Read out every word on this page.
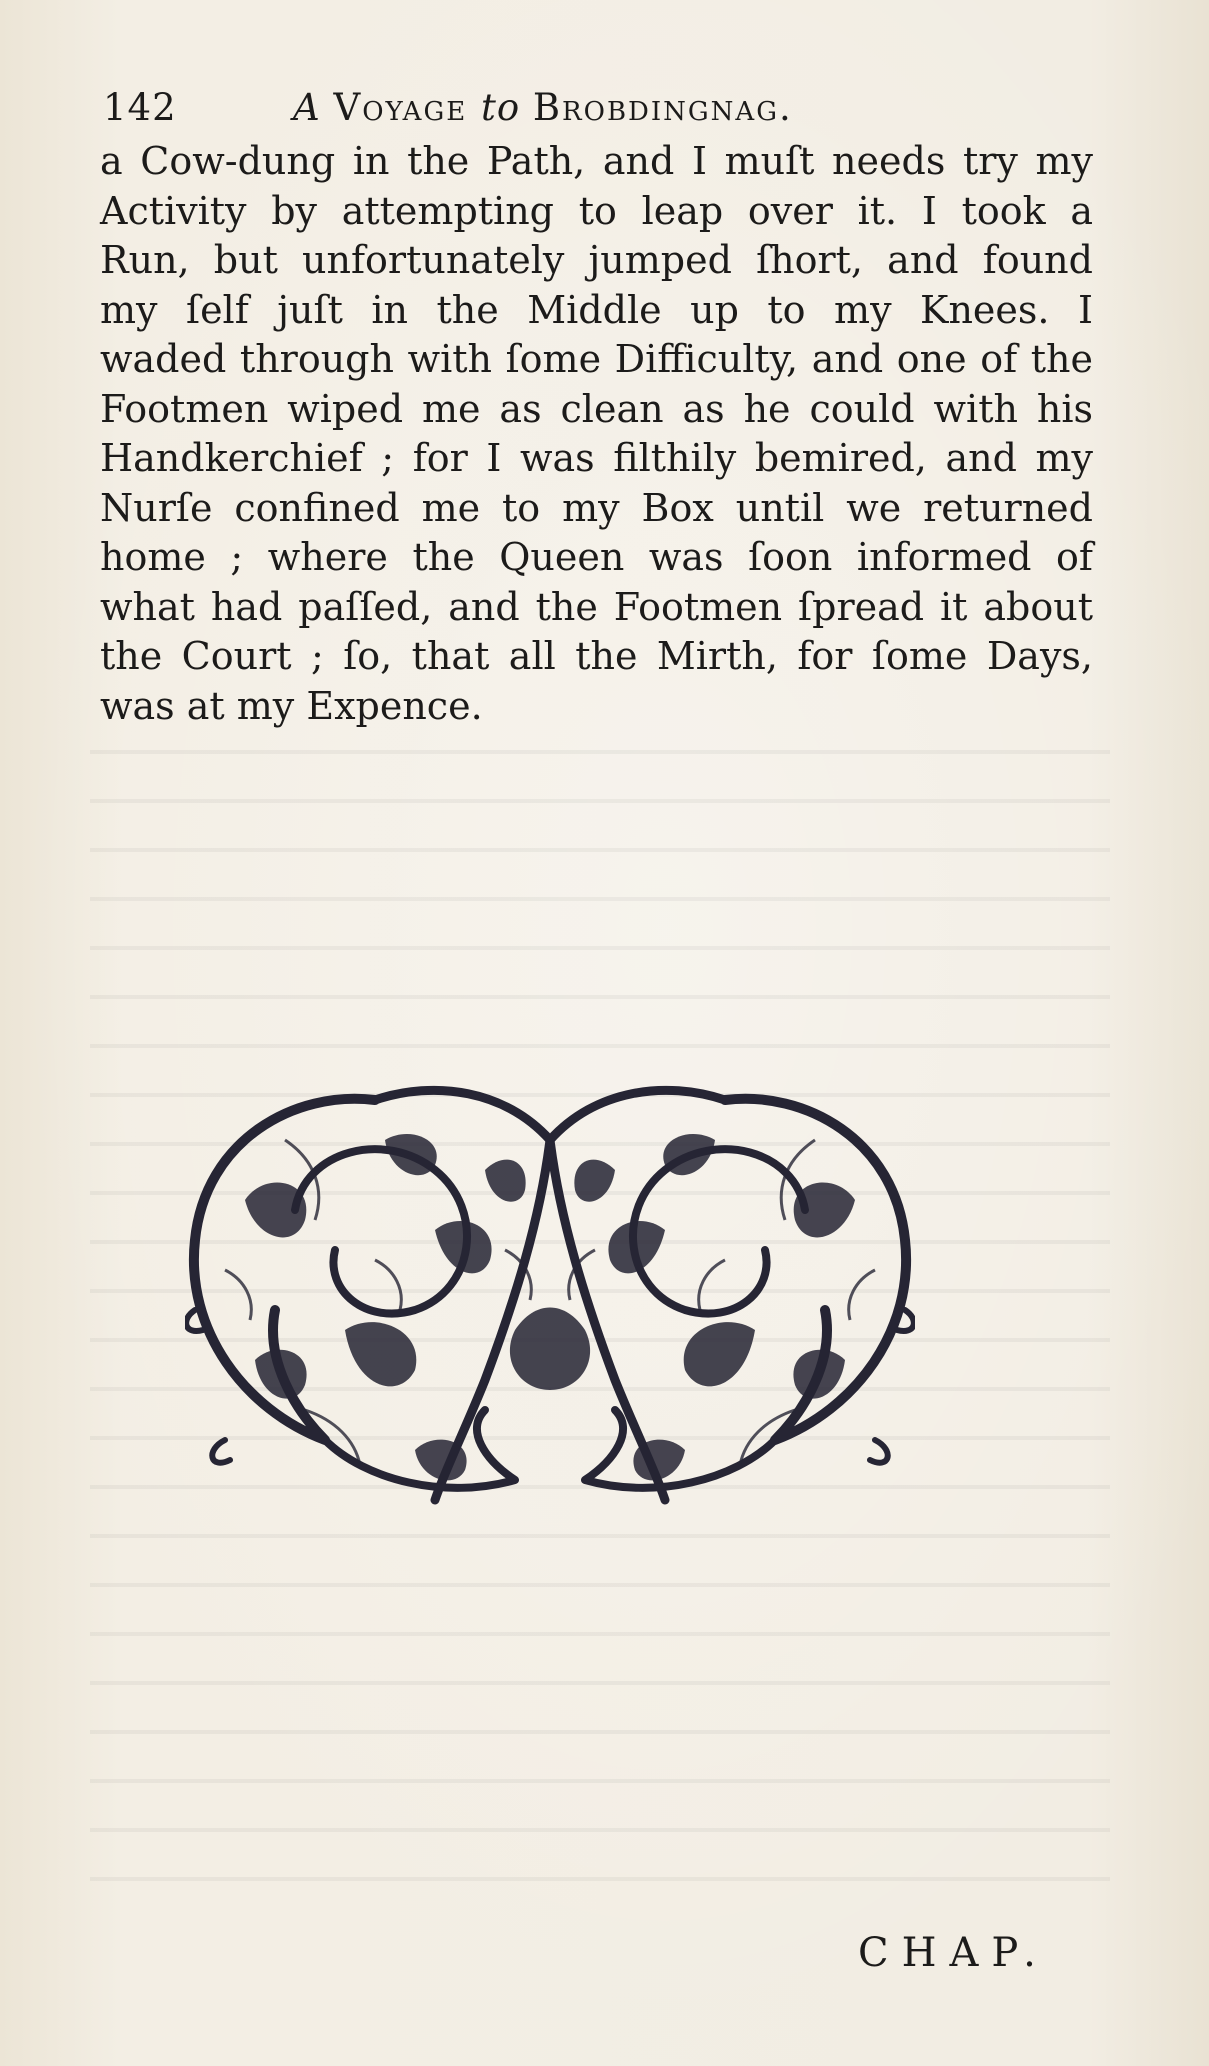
142	A Voyage to Brobdingnag.
a Cow-dung in the Path, and I muſt needs try my
Activity by attempting to leap over it. I took a
Run, but unfortunately jumped ſhort, and found
my ſelf juſt in the Middle up to my Knees. I
waded through with ſome Difficulty, and one of the
Footmen wiped me as clean as he could with his
Handkerchief ; for I was filthily bemired, and my
Nurſe confined me to my Box until we returned
home ; where the Queen was ſoon informed of
what had paſſed, and the Footmen ſpread it about
the Court ; ſo, that all the Mirth, for ſome Days,
was at my Expence.
CHAP.
